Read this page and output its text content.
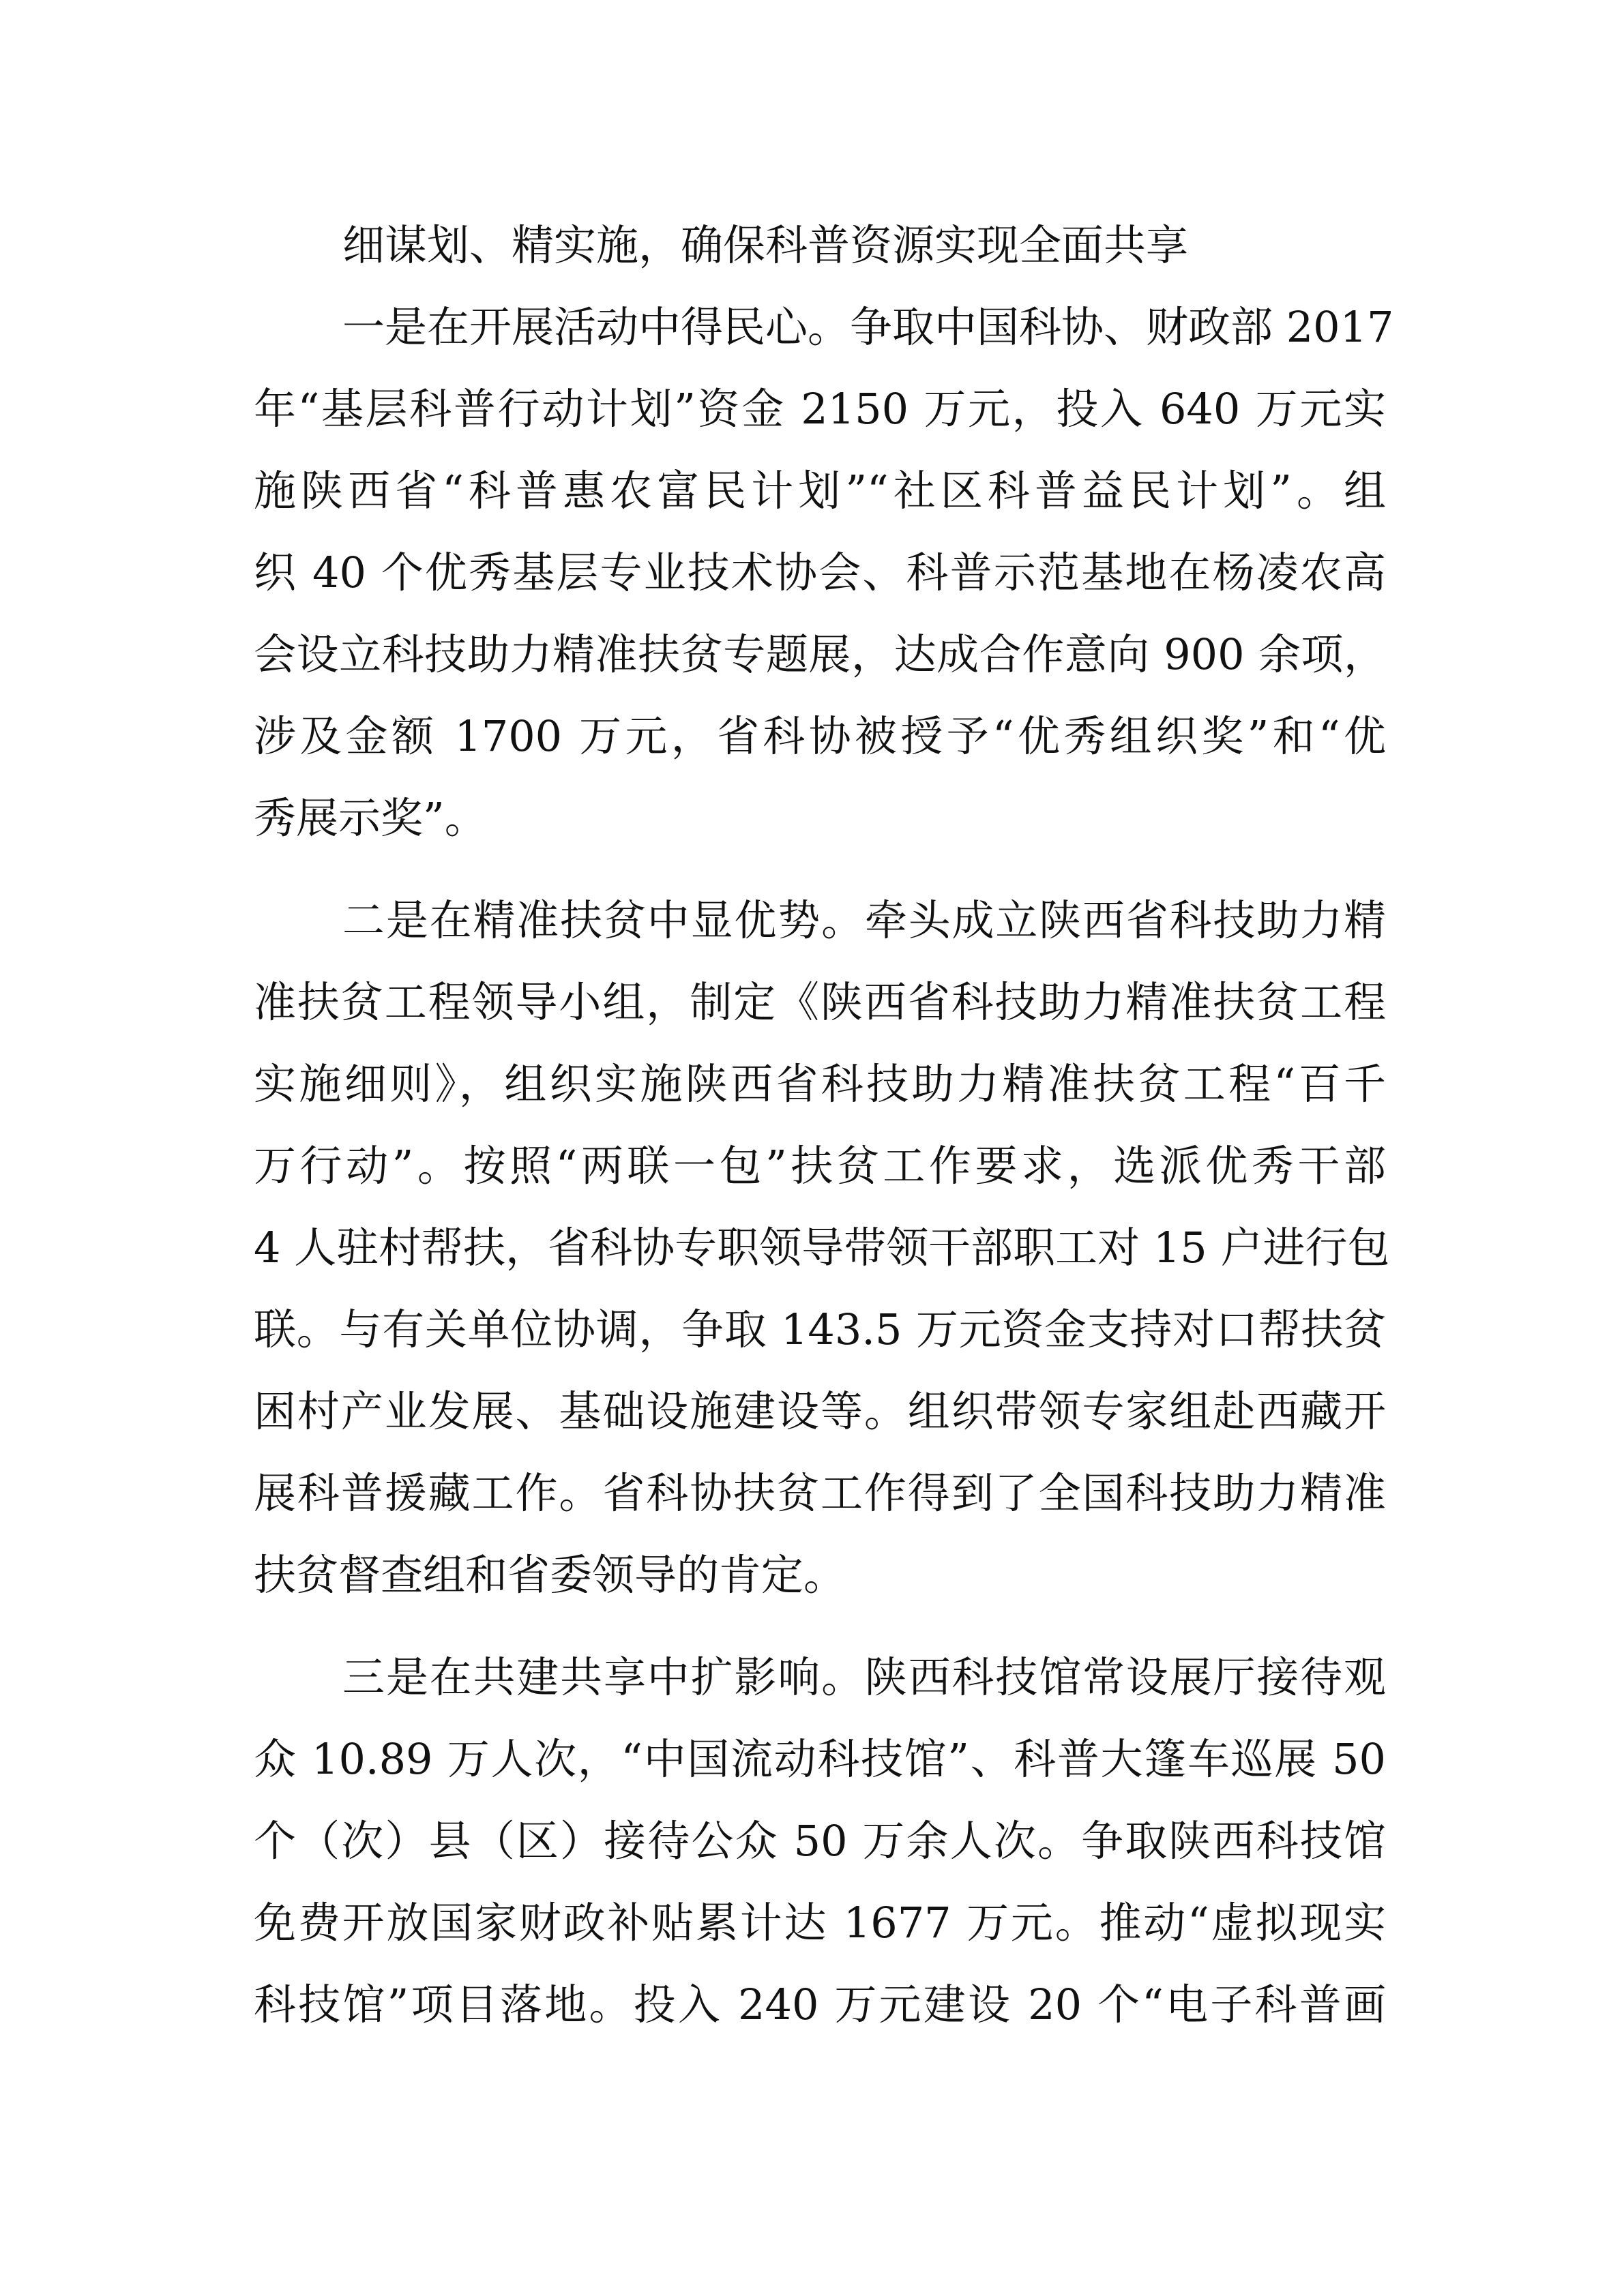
细谋划、精实施，确保科普资源实现全面共享
一是在开展活动中得民心。争取中国科协、财政部 2017
年“基层科普行动计划”资金 2150 万元，投入 640 万元实
施陕西省“科普惠农富民计划”“社区科普益民计划”。组
织 40 个优秀基层专业技术协会、科普示范基地在杨凌农高
会设立科技助力精准扶贫专题展，达成合作意向 900 余项，
涉及金额 1700 万元，省科协被授予“优秀组织奖”和“优
秀展示奖”。
二是在精准扶贫中显优势。牵头成立陕西省科技助力精
准扶贫工程领导小组，制定《陕西省科技助力精准扶贫工程
实施细则》，组织实施陕西省科技助力精准扶贫工程“百千
万行动”。按照“两联一包”扶贫工作要求，选派优秀干部
4 人驻村帮扶，省科协专职领导带领干部职工对 15 户进行包
联。与有关单位协调，争取 143.5 万元资金支持对口帮扶贫
困村产业发展、基础设施建设等。组织带领专家组赴西藏开
展科普援藏工作。省科协扶贫工作得到了全国科技助力精准
扶贫督查组和省委领导的肯定。
三是在共建共享中扩影响。陕西科技馆常设展厅接待观
众 10.89 万人次，“中国流动科技馆”、科普大篷车巡展 50
个（次）县（区）接待公众 50 万余人次。争取陕西科技馆
免费开放国家财政补贴累计达 1677 万元。推动“虚拟现实
科技馆”项目落地。投入 240 万元建设 20 个“电子科普画
